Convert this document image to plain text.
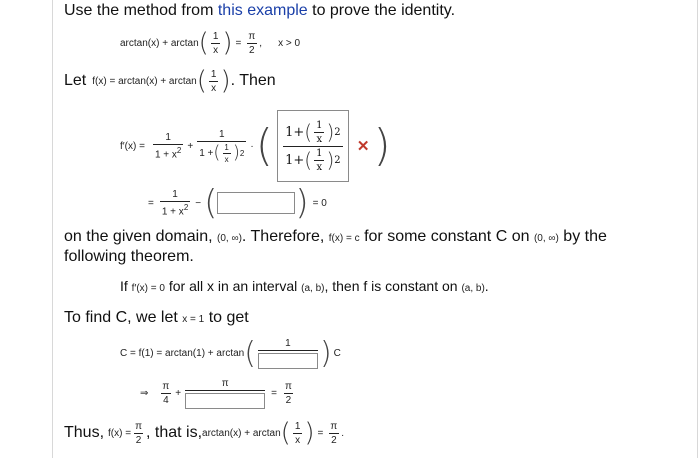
Use the method from this example to prove the identity.
arctan(x) + arctan ( $\frac{1}{x}$ ) = $\frac{\pi}{2}$ , x > 0
Let f(x) = arctan(x) + arctan ( $\frac{1}{x}$ ) . Then
$f'(x) = \frac{1}{1 + x^2} + \frac{1}{1 + ( \frac{1}{x} ) 2}$ · ( $\frac{1+ ( \frac{1}{x} ) 2}{1+ ( \frac{1}{x} ) 2}$ ✕ )
= $\frac{1}{1 + x^2}$ − ( ) = 0
on the given domain, (0, ∞). Therefore, f(x) = c for some constant C on (0, ∞) by the
following theorem.
If f′(x) = 0 for all x in an interval (a, b), then f is constant on (a, b).
To find C, we let x = 1 to get
C = f(1) = arctan(1) + arctan (	1 ) C
⇒ $\frac{\pi}{4}$ +
π
= $\frac{\pi}{2}$
Thus, $f(x) = \frac{\pi}{2}$ , that is, arctan(x) + arctan ( $\frac{1}{x}$ ) = $\frac{\pi}{2}$ .
